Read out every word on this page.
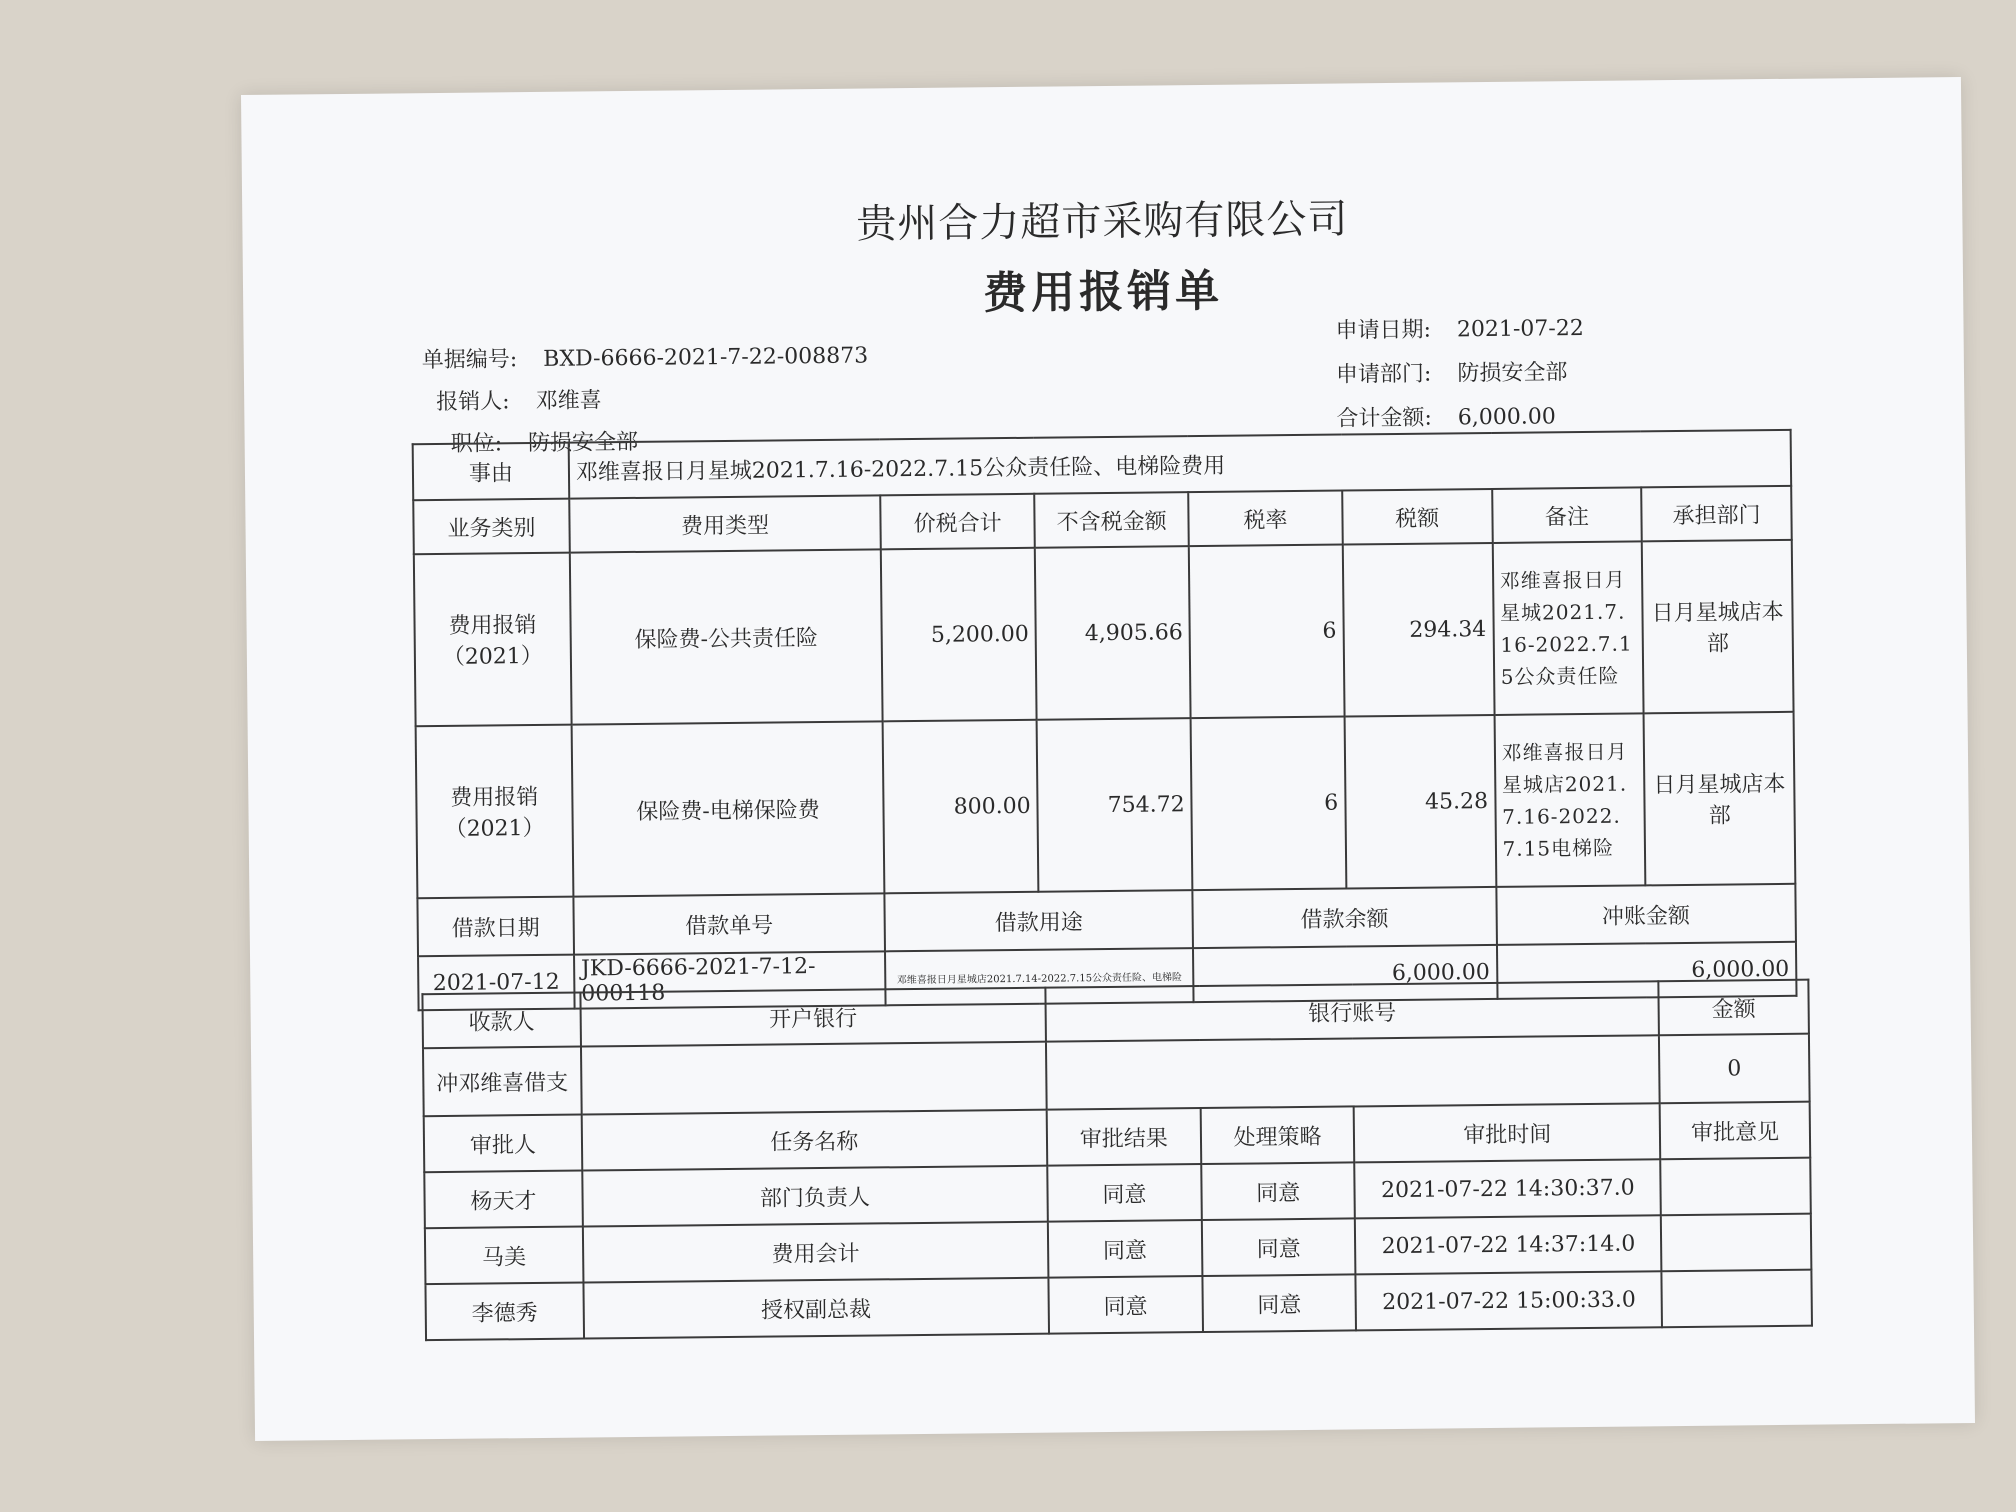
贵州合力超市采购有限公司
费用报销单
单据编号: BXD-6666-2021-7-22-008873
报销人: 邓维喜
职位: 防损安全部
申请日期: 2021-07-22
申请部门: 防损安全部
合计金额: 6,000.00
事由	邓维喜报日月星城2021.7.16-2022.7.15公众责任险、电梯险费用						
业务类别	费用类型	价税合计	不含税金额	税率	税额	备注	承担部门
费用报销（2021）	保险费-公共责任险	5,200.00	4,905.66	6	294.34	邓维喜报日月星城2021.7.16-2022.7.15公众责任险	日月星城店本部
费用报销（2021）	保险费-电梯保险费	800.00	754.72	6	45.28	邓维喜报日月星城店2021.7.16-2022.7.15电梯险	日月星城店本部
借款日期	借款单号	借款用途		借款余额		冲账金额	
2021-07-12	JKD-6666-2021-7-12-000118	邓维喜报日月星城店2021.7.14-2022.7.15公众责任险、电梯险		6,000.00		6,000.00	
收款人	开户银行	银行账号			金额
冲邓维喜借支					0
审批人	任务名称	审批结果	处理策略	审批时间	审批意见
杨天才	部门负责人	同意	同意	2021-07-22 14:30:37.0	
马美	费用会计	同意	同意	2021-07-22 14:37:14.0	
李德秀	授权副总裁	同意	同意	2021-07-22 15:00:33.0	
